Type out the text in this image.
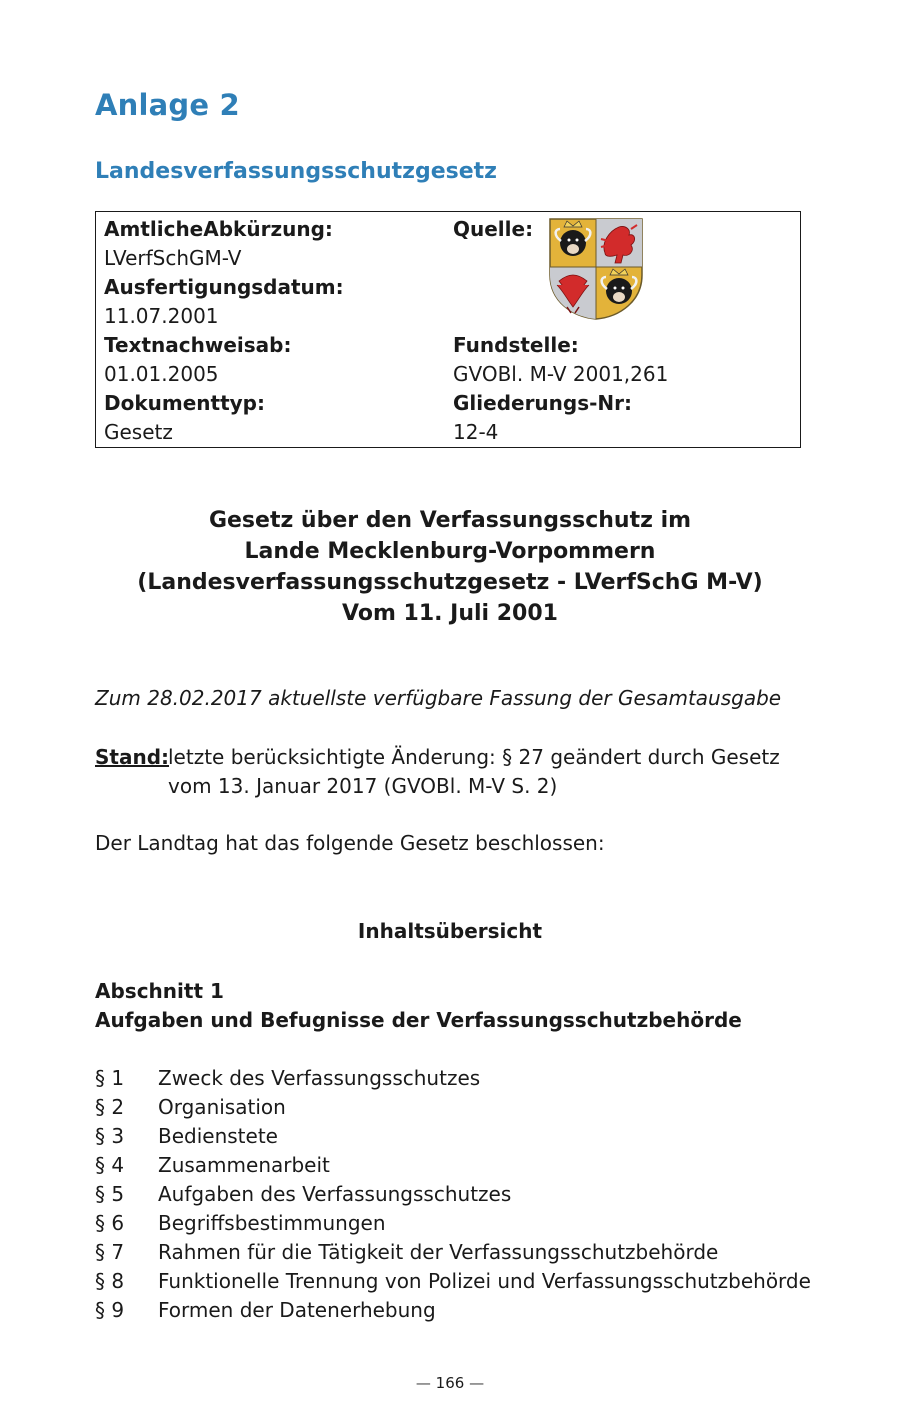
Anlage 2
Landesverfassungsschutzgesetz
AmtlicheAbkürzung:
LVerfSchGM-V
Ausfertigungsdatum:
11.07.2001
Textnachweisab:
01.01.2005
Dokumenttyp:
Gesetz
Quelle:
Fundstelle:
GVOBl. M-V 2001,261
Gliederungs-Nr:
12-4
Gesetz über den Verfassungsschutz im
Lande Mecklenburg-Vorpommern
(Landesverfassungsschutzgesetz - LVerfSchG M-V)
Vom 11. Juli 2001
Zum 28.02.2017 aktuellste verfügbare Fassung der Gesamtausgabe
Stand:
letzte berücksichtigte Änderung: § 27 geändert durch Gesetz
vom 13. Januar 2017 (GVOBl. M-V S. 2)
Der Landtag hat das folgende Gesetz beschlossen:
Inhaltsübersicht
Abschnitt 1
Aufgaben und Befugnisse der Verfassungsschutzbehörde
§ 1	Zweck des Verfassungsschutzes
§ 2	Organisation
§ 3	Bedienstete
§ 4	Zusammenarbeit
§ 5	Aufgaben des Verfassungsschutzes
§ 6	Begriffsbestimmungen
§ 7	Rahmen für die Tätigkeit der Verfassungsschutzbehörde
§ 8	Funktionelle Trennung von Polizei und Verfassungsschutzbehörde
§ 9	Formen der Datenerhebung
— 166 —
